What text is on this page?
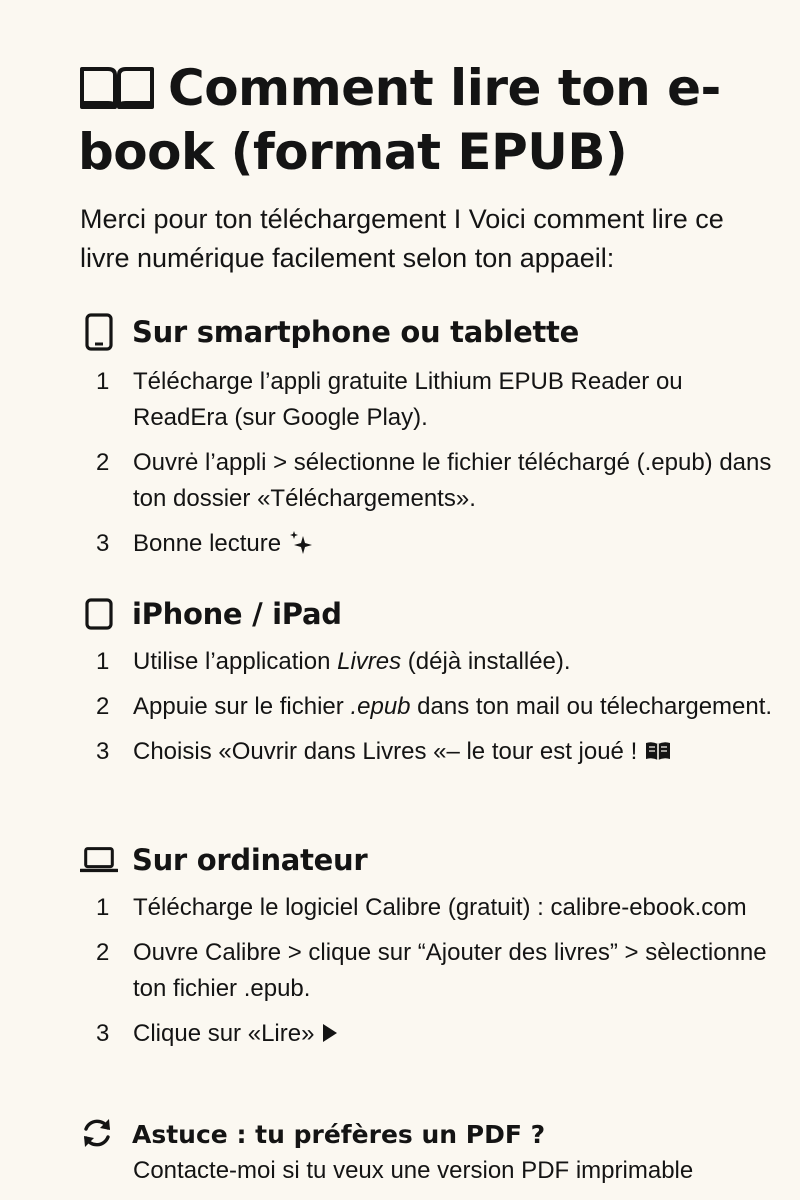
Comment lire ton e-book (format EPUB)

Merci pour ton téléchargement I Voici comment lire ce livre numérique facilement selon ton appaeil:

Sur smartphone ou tablette
1 Télécharge l’appli gratuite Lithium EPUB Reader ou ReadEra (sur Google Play).
2 Ouvrė l’appli > sélectionne le fichier téléchargé (.epub) dans ton dossier «Téléchargements».
3 Bonne lecture
iPhone / iPad
1 Utilise l’application Livres (déjà installée).
2 Appuie sur le fichier .epub dans ton mail ou télechargement.
3 Choisis «Ouvrir dans Livres «– le tour est joué !
Sur ordinateur
1 Télécharge le logiciel Calibre (gratuit) : calibre-ebook.com
2 Ouvre Calibre > clique sur “Ajouter des livres” > sèlectionne ton fichier .epub.
3 Clique sur «Lire»
Astuce : tu préfères un PDF ?

Contacte-moi si tu veux une version PDF imprimable
